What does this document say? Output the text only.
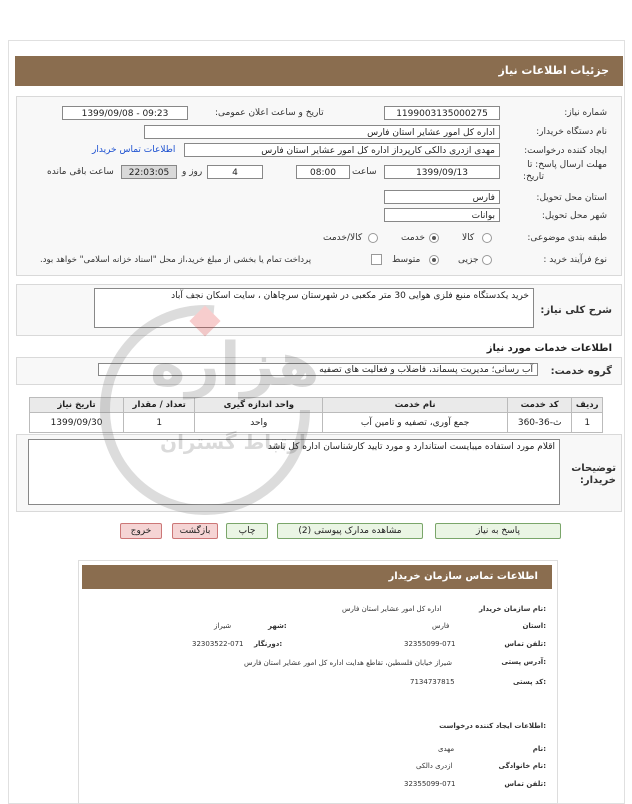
جزئیات اطلاعات نیاز
شماره نیاز:
1199003135000275
تاریخ و ساعت اعلان عمومی:
1399/09/08 - 09:23
نام دستگاه خریدار:
اداره کل امور عشایر استان فارس
ایجاد کننده درخواست:
مهدی ازدری دالکی کارپرداز اداره کل امور عشایر استان فارس
اطلاعات تماس خریدار
مهلت ارسال پاسخ: تا
تاریخ:
1399/09/13
ساعت
08:00
4
روز و
22:03:05
ساعت باقی مانده
استان محل تحویل:
فارس
شهر محل تحویل:
بوانات
طبقه بندی موضوعی:
کالا
خدمت
کالا/خدمت
نوع فرآیند خرید :
جزیی
متوسط
پرداخت تمام یا بخشی از مبلغ خرید،از محل "اسناد خزانه اسلامی" خواهد بود.
شرح کلی نیاز:
خرید یکدستگاه منبع فلزی هوایی 30 متر مکعبی در شهرستان سرچاهان ، سایت اسکان نجف آباد
اطلاعات خدمات مورد نیاز
گروه خدمت:
آب رسانی؛ مدیریت پسماند، فاضلاب و فعالیت های تصفیه
ردیف	کد خدمت	نام خدمت	واحد اندازه گیری	تعداد / مقدار	تاریخ نیاز
1	ث-36-360	جمع آوری، تصفیه و تامین آب	واحد	1	1399/09/30
اقلام مورد استفاده میبایست استاندارد و مورد تایید کارشناسان اداره کل باشد
توضیحات خریدار:
پاسخ به نیاز
مشاهده مدارک پیوستی (2)
چاپ
بازگشت
خروج
اطلاعات تماس سازمان خریدار
نام سازمان خریدار:
اداره کل امور عشایر استان فارس
استان:
فارس
شهر:
شیراز
تلفن تماس:
32355099-071
دورنگار:
32303522-071
آدرس پستی:
شیراز خیابان فلسطین، تقاطع هدایت اداره کل امور عشایر استان فارس
کد پستی:
7134737815
اطلاعات ایجاد کننده درخواست:
نام:
مهدی
نام خانوادگی:
ازدری دالکی
تلفن تماس:
32355099-071
